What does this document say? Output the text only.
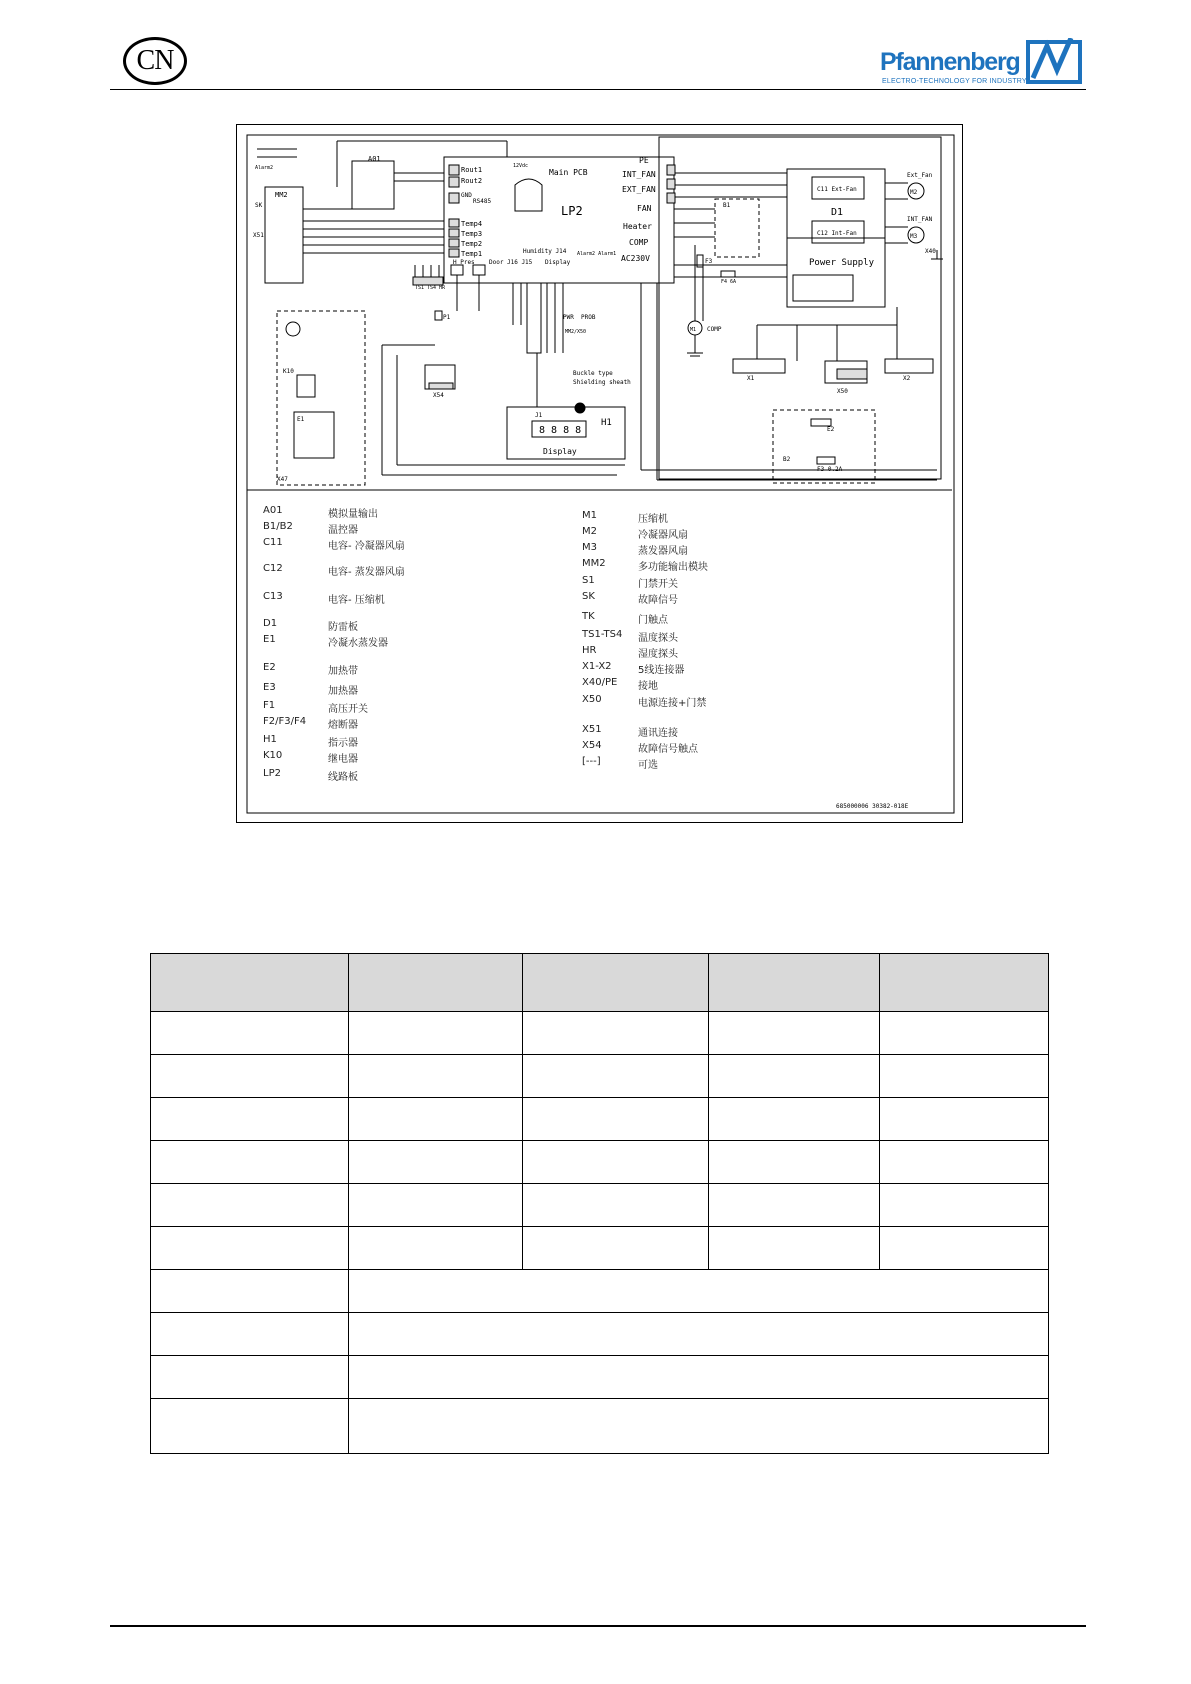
CN	Pfannenberg
ELECTRO-TECHNOLOGY FOR INDUSTRY
Main PCB
LP2
PE
INT_FAN
EXT_FAN
FAN
Heater
COMP
AC230V
Rout1
Rout2
GND
RS485
Temp4
Temp3
Temp2
Temp1
H Pres Door J16 J15
Humidity J14
Display
Alarm2 Alarm1
12Vdc
Alarm2
A01
MM2
SK
X51
D1
Power Supply
C11 Ext-Fan
C12 Int-Fan
Ext_Fan
INT_FAN
M2
M3
X40
B1
X1	X2
X50
M1 COMP
F3
F4 6A
PWR PROB
MM2/X50
Buckle type
Shielding sheath
H1
Display
8 8 8 8
J1
X54
P1
E2
B2
F3 0.2A
K10
E1
X47
TS1 TS4 HR
685000006 30382-018E
A01	模拟量输出
B1/B2	温控器
C11	电容- 冷凝器风扇
C12	电容- 蒸发器风扇
C13	电容- 压缩机
D1	防雷板
E1	冷凝水蒸发器
E2	加热带
E3	加热器
F1	高压开关
F2/F3/F4 熔断器
H1	指示器
K10	继电器
LP2	线路板
M1	压缩机
M2	冷凝器风扇
M3	蒸发器风扇
MM2	多功能输出模块
S1	门禁开关
SK	故障信号
TK	门触点
TS1-TS4 温度探头
HR	湿度探头
X1-X2	5线连接器
X40/PE 接地
X50	电源连接+门禁
X51	通讯连接
X54	故障信号触点
[---]	可选
